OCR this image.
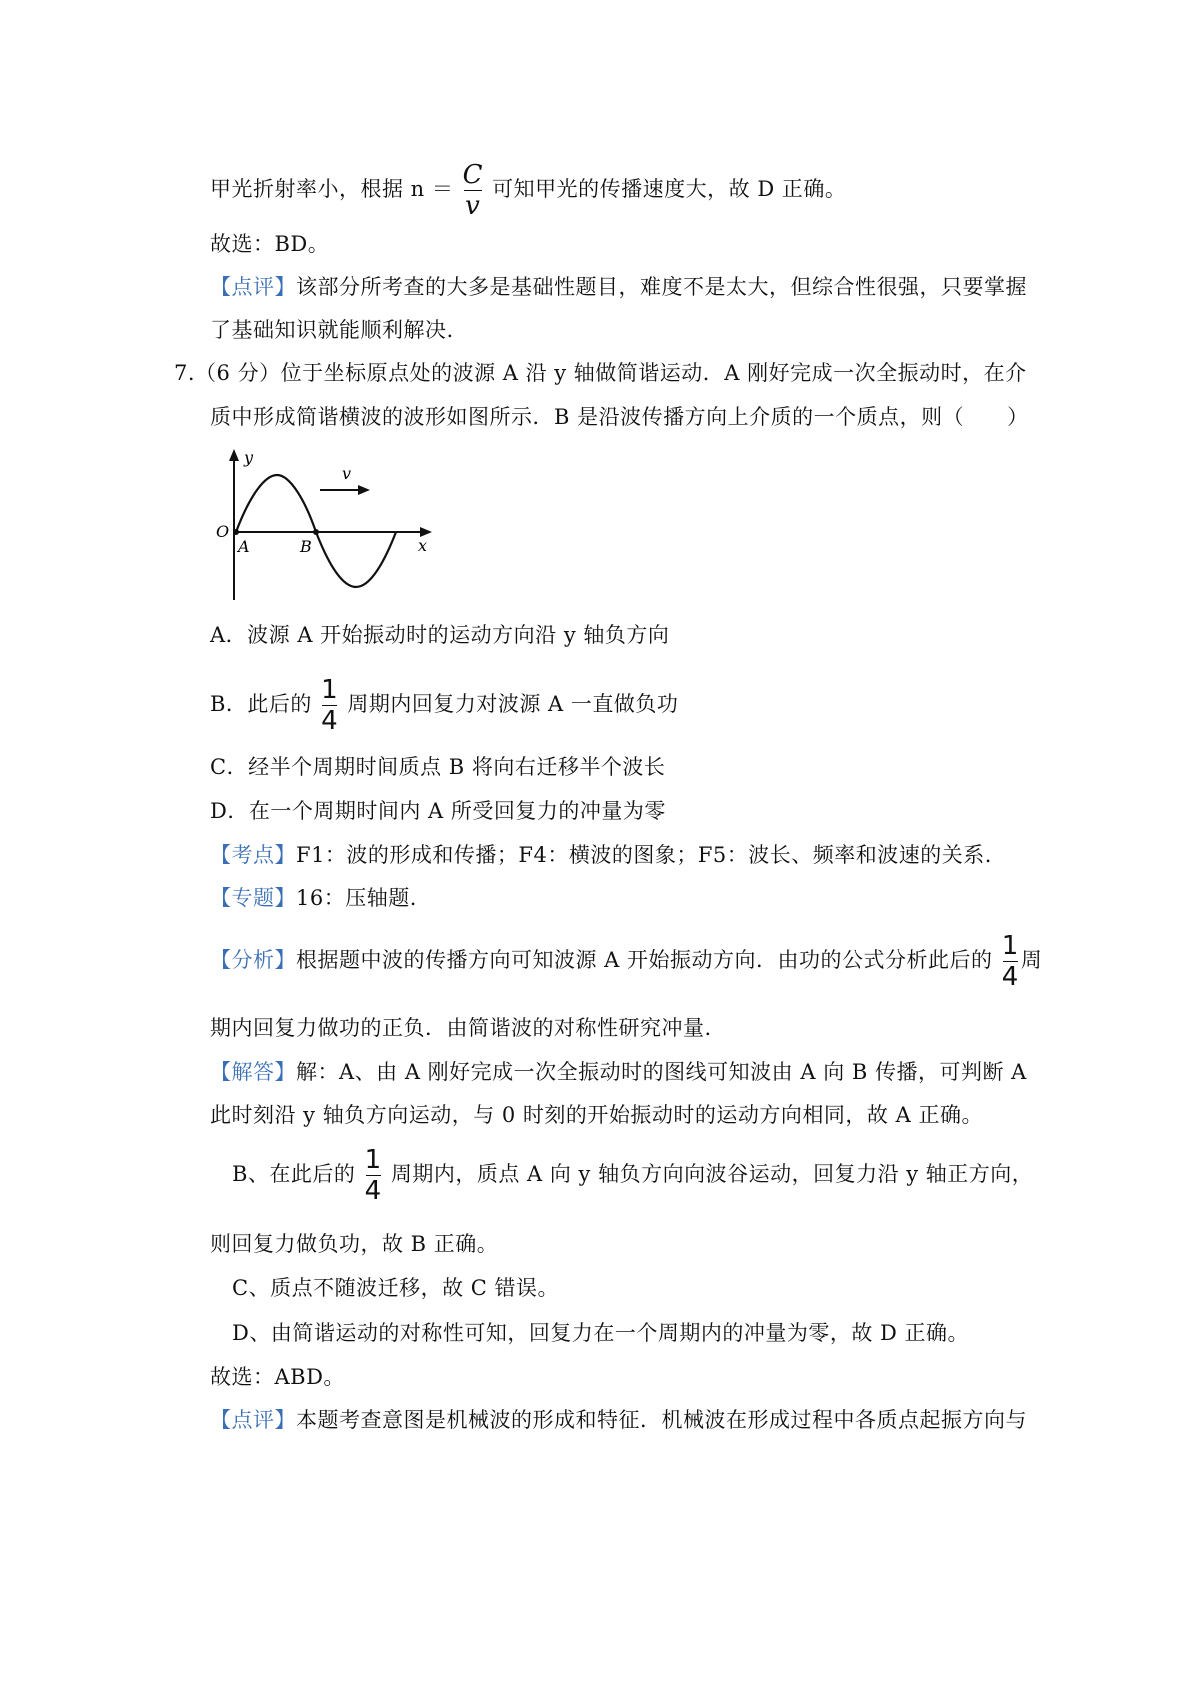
甲光折射率小，根据 $n = \frac{C}{v}$ 可知甲光的传播速度大，故 D 正确。
故选：BD。
【点评】该部分所考查的大多是基础性题目，难度不是太大，但综合性很强，只要掌握
了基础知识就能顺利解决.
7.（6 分）位于坐标原点处的波源 A 沿 y 轴做简谐运动．A 刚好完成一次全振动时，在介
质中形成简谐横波的波形如图所示．B 是沿波传播方向上介质的一个质点，则（　　）
y
x
O
A	B
v
A．波源 A 开始振动时的运动方向沿 y 轴负方向
B．此后的 $\frac{1}{4}$ 周期内回复力对波源 A 一直做负功
C．经半个周期时间质点 B 将向右迁移半个波长
D．在一个周期时间内 A 所受回复力的冲量为零
【考点】F1：波的形成和传播；F4：横波的图象；F5：波长、频率和波速的关系.
【专题】16：压轴题.
【分析】根据题中波的传播方向可知波源 A 开始振动方向．由功的公式分析此后的 $\frac{1}{4}$ 周
期内回复力做功的正负．由简谐波的对称性研究冲量.
【解答】解：A、由 A 刚好完成一次全振动时的图线可知波由 A 向 B 传播，可判断 A
此时刻沿 y 轴负方向运动，与 0 时刻的开始振动时的运动方向相同，故 A 正确。
B、在此后的 $\frac{1}{4}$ 周期内，质点 A 向 y 轴负方向向波谷运动，回复力沿 y 轴正方向，
则回复力做负功，故 B 正确。
C、质点不随波迁移，故 C 错误。
D、由简谐运动的对称性可知，回复力在一个周期内的冲量为零，故 D 正确。
故选：ABD。
【点评】本题考查意图是机械波的形成和特征．机械波在形成过程中各质点起振方向与
